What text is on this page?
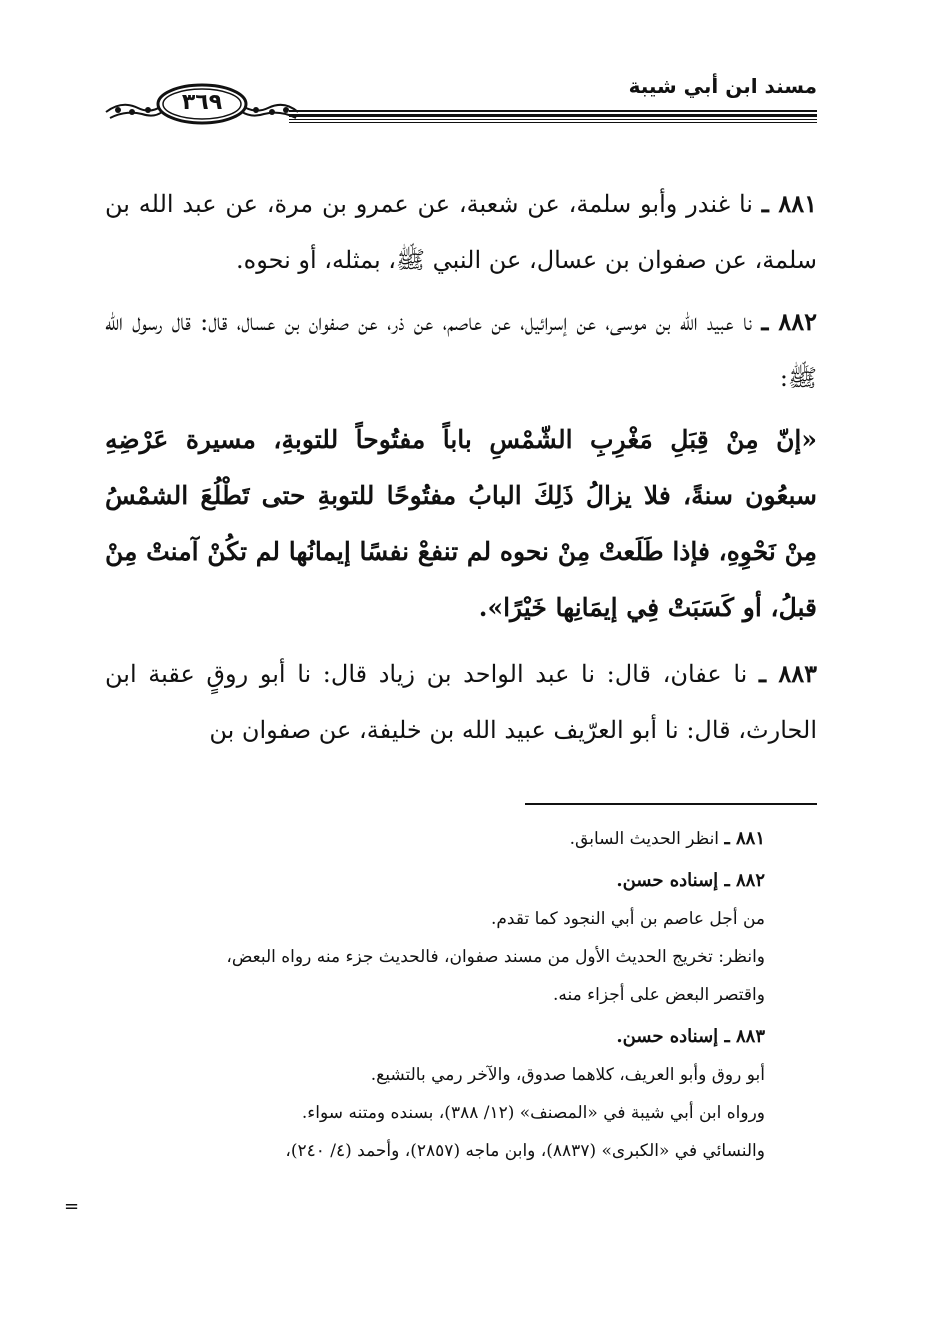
مسند ابن أبي شيبة
٣٦٩

٨٨١ ـ نا غندر وأبو سلمة، عن شعبة، عن عمرو بن مرة، عن عبد الله بن سلمة، عن صفوان بن عسال، عن النبي ﷺ، بمثله، أو نحوه.

٨٨٢ ـ نا عبيد الله بن موسى، عن إسرائيل، عن عاصم، عن ذر، عن صفوان بن عسال، قال: قال رسول الله ﷺ:

«إنّ مِنْ قِبَلِ مَغْرِبِ الشّمْسِ باباً مفتُوحاً للتوبةِ، مسيرة عَرْضِهِ سبعُون سنةً، فلا يزالُ ذَلِكَ البابُ مفتُوحًا للتوبةِ حتى تَطْلُعَ الشمْسُ مِنْ نَحْوِهِ، فإذا طَلَعتْ مِنْ نحوه لم تنفعْ نفسًا إيمانُها لم تكُنْ آمنتْ مِنْ قبلُ، أو كَسَبَتْ فِي إيمَانِها خَيْرًا».

٨٨٣ ـ نا عفان، قال: نا عبد الواحد بن زياد قال: نا أبو روقٍ عقبة ابن الحارث، قال: نا أبو العرّيف عبيد الله بن خليفة، عن صفوان بن

٨٨١ ـ انظر الحديث السابق.
٨٨٢ ـ إسناده حسن.
من أجل عاصم بن أبي النجود كما تقدم.
وانظر: تخريج الحديث الأول من مسند صفوان، فالحديث جزء منه رواه البعض،
واقتصر البعض على أجزاء منه.
٨٨٣ ـ إسناده حسن.
أبو روق وأبو العريف، كلاهما صدوق، والآخر رمي بالتشيع.
ورواه ابن أبي شيبة في «المصنف» (١٢/ ٣٨٨)، بسنده ومتنه سواء.
والنسائي في «الكبرى» (٨٨٣٧)، وابن ماجه (٢٨٥٧)، وأحمد (٤/ ٢٤٠)،
=
